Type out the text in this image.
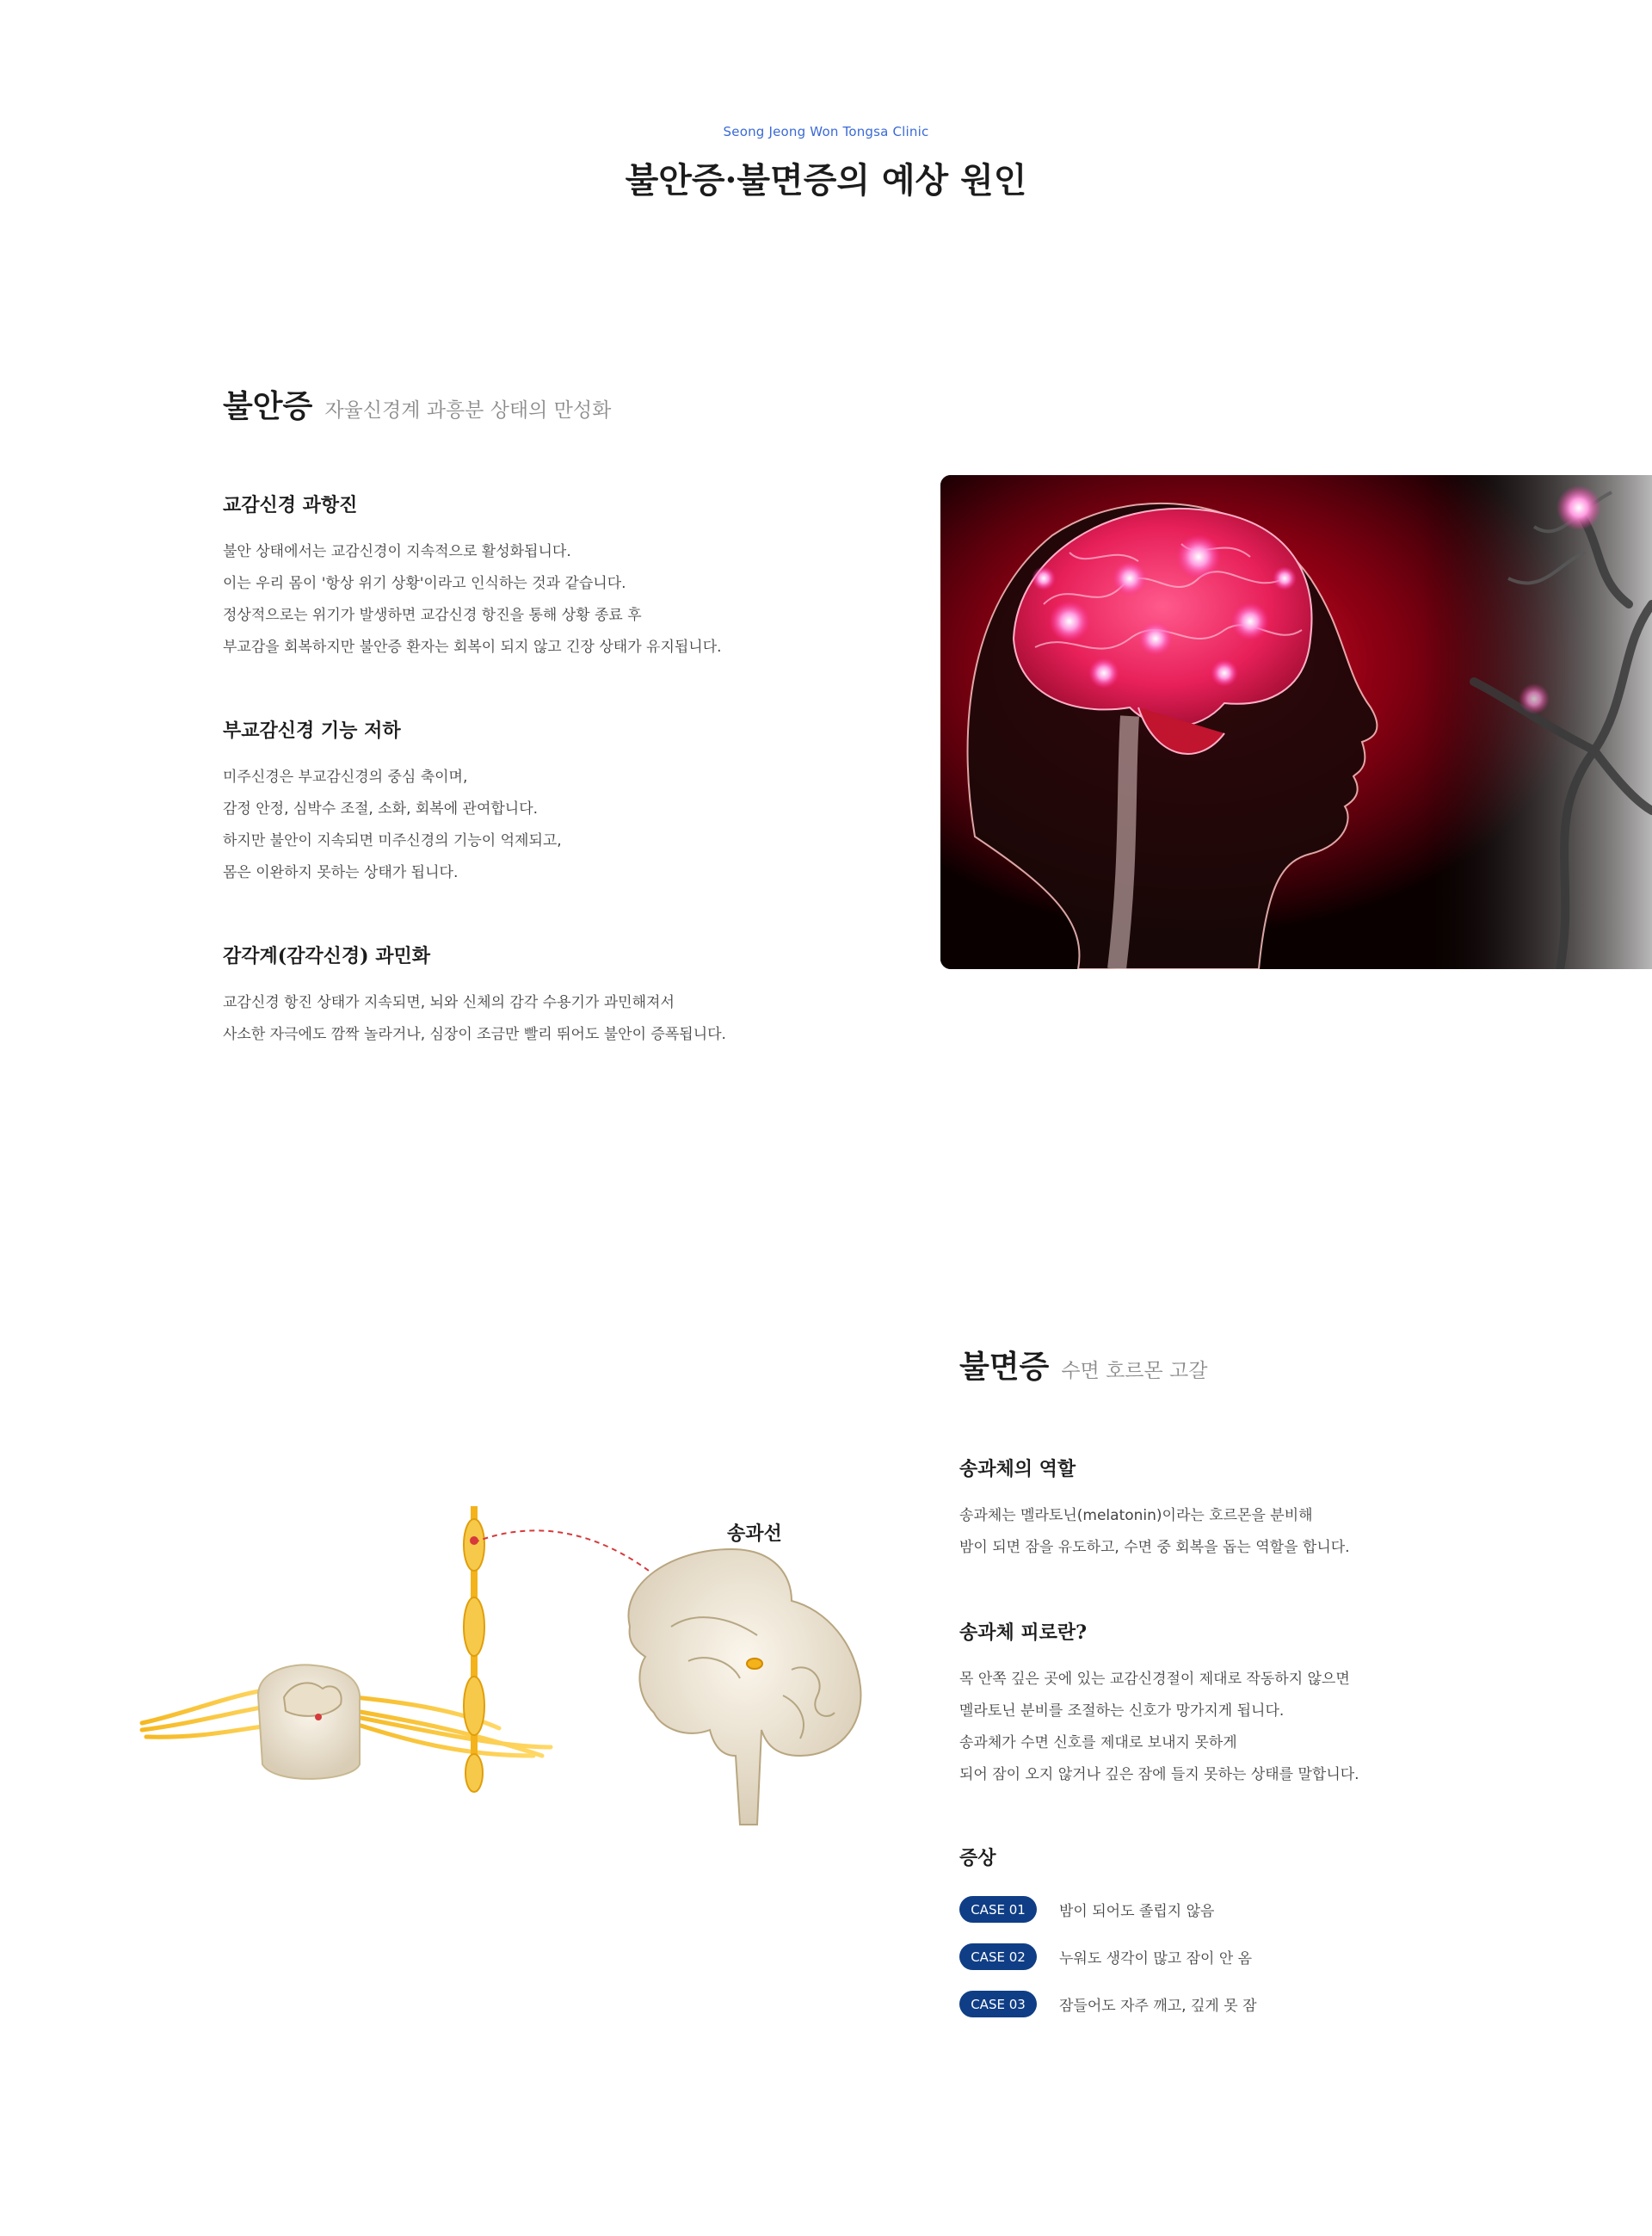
Seong Jeong Won Tongsa Clinic
불안증·불면증의 예상 원인
불안증 자율신경계 과흥분 상태의 만성화
교감신경 과항진
불안 상태에서는 교감신경이 지속적으로 활성화됩니다.
이는 우리 몸이 '항상 위기 상황'이라고 인식하는 것과 같습니다.
정상적으로는 위기가 발생하면 교감신경 항진을 통해 상황 종료 후
부교감을 회복하지만 불안증 환자는 회복이 되지 않고 긴장 상태가 유지됩니다.
부교감신경 기능 저하
미주신경은 부교감신경의 중심 축이며,
감정 안정, 심박수 조절, 소화, 회복에 관여합니다.
하지만 불안이 지속되면 미주신경의 기능이 억제되고,
몸은 이완하지 못하는 상태가 됩니다.
감각계(감각신경) 과민화
교감신경 항진 상태가 지속되면, 뇌와 신체의 감각 수용기가 과민해져서
사소한 자극에도 깜짝 놀라거나, 심장이 조금만 빨리 뛰어도 불안이 증폭됩니다.
불면증 수면 호르몬 고갈
송과체의 역할
송과체는 멜라토닌(melatonin)이라는 호르몬을 분비해
밤이 되면 잠을 유도하고, 수면 중 회복을 돕는 역할을 합니다.
송과체 피로란?
목 안쪽 깊은 곳에 있는 교감신경절이 제대로 작동하지 않으면
멜라토닌 분비를 조절하는 신호가 망가지게 됩니다.
송과체가 수면 신호를 제대로 보내지 못하게
되어 잠이 오지 않거나 깊은 잠에 들지 못하는 상태를 말합니다.
증상
CASE 01	밤이 되어도 졸립지 않음
CASE 02	누워도 생각이 많고 잠이 안 옴
CASE 03	잠들어도 자주 깨고, 깊게 못 잠
송과선
